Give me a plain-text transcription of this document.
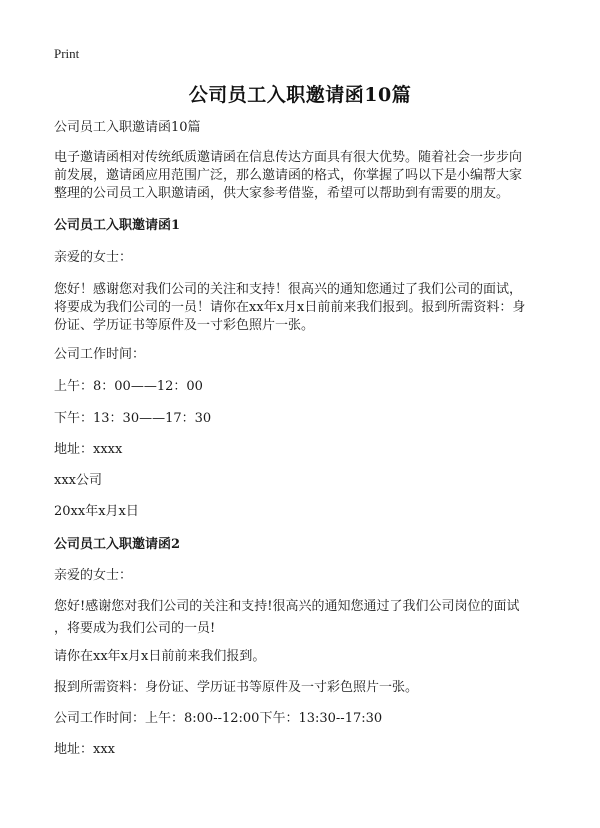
Print
公司员工入职邀请函10篇
公司员工入职邀请函10篇
电子邀请函相对传统纸质邀请函在信息传达方面具有很大优势。随着社会一步步向
前发展，邀请函应用范围广泛，那么邀请函的格式，你掌握了吗以下是小编帮大家
整理的公司员工入职邀请函，供大家参考借鉴，希望可以帮助到有需要的朋友。
公司员工入职邀请函1
亲爱的女士：
您好！感谢您对我们公司的关注和支持！很高兴的通知您通过了我们公司的面试，
将要成为我们公司的一员！请你在xx年x月x日前前来我们报到。报到所需资料：身
份证、学历证书等原件及一寸彩色照片一张。
公司工作时间：
上午：8：00——12：00
下午：13：30——17：30
地址：xxxx
xxx公司
20xx年x月x日
公司员工入职邀请函2
亲爱的女士：
您好!感谢您对我们公司的关注和支持!很高兴的通知您通过了我们公司岗位的面试
，将要成为我们公司的一员!
请你在xx年x月x日前前来我们报到。
报到所需资料：身份证、学历证书等原件及一寸彩色照片一张。
公司工作时间：上午：8:00--12:00下午：13:30--17:30
地址：xxx
